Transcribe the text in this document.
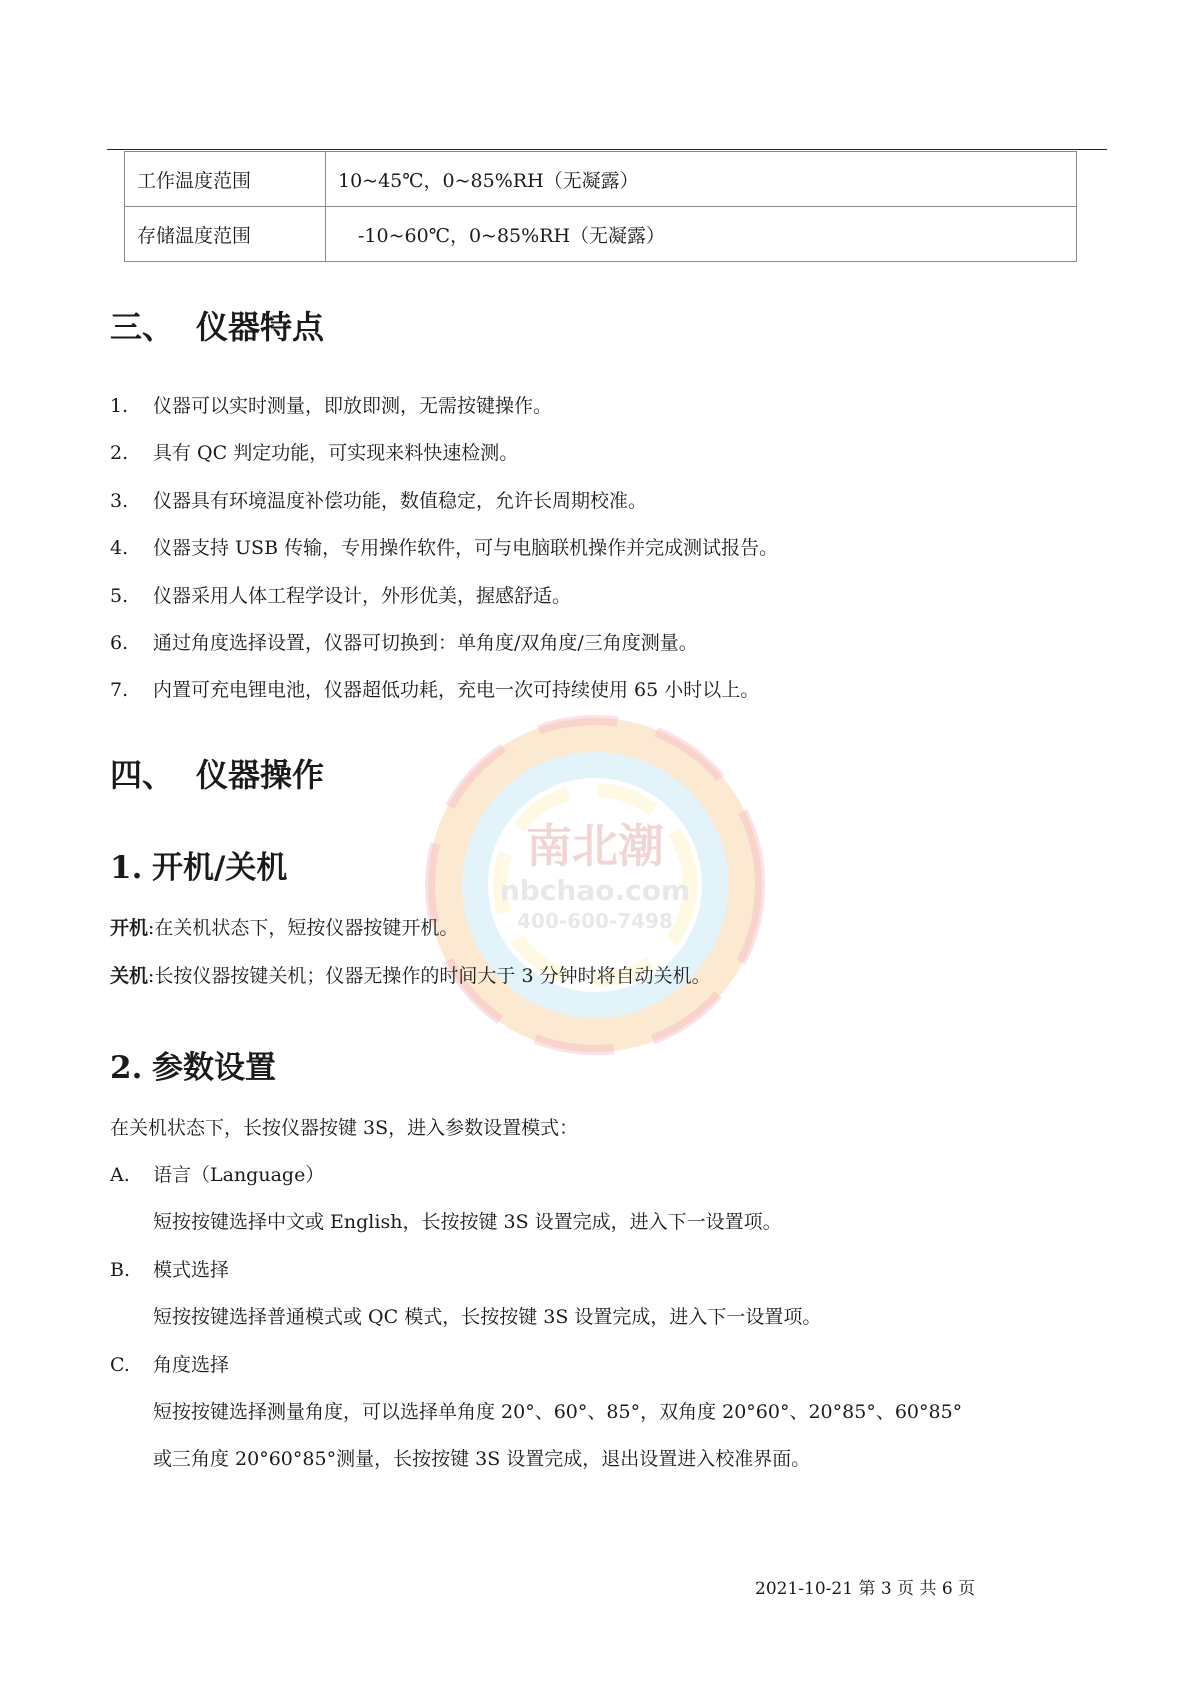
工作温度范围	10~45℃，0~85%RH（无凝露）
存储温度范围	-10~60℃，0~85%RH（无凝露）
三、 仪器特点
1. 仪器可以实时测量，即放即测，无需按键操作。
2. 具有 QC 判定功能，可实现来料快速检测。
3. 仪器具有环境温度补偿功能，数值稳定，允许长周期校准。
4. 仪器支持 USB 传输，专用操作软件，可与电脑联机操作并完成测试报告。
5. 仪器采用人体工程学设计，外形优美，握感舒适。
6. 通过角度选择设置，仪器可切换到：单角度/双角度/三角度测量。
7. 内置可充电锂电池，仪器超低功耗，充电一次可持续使用 65 小时以上。
南北潮
nbchao.com
400-600-7498
四、 仪器操作
1. 开机/关机
开机:在关机状态下，短按仪器按键开机。
关机:长按仪器按键关机；仪器无操作的时间大于 3 分钟时将自动关机。
2. 参数设置
在关机状态下，长按仪器按键 3S，进入参数设置模式：
A. 语言（Language）
短按按键选择中文或 English，长按按键 3S 设置完成，进入下一设置项。
B. 模式选择
短按按键选择普通模式或 QC 模式，长按按键 3S 设置完成，进入下一设置项。
C. 角度选择
短按按键选择测量角度，可以选择单角度 20°、60°、85°，双角度 20°60°、20°85°、60°85°
或三角度 20°60°85°测量，长按按键 3S 设置完成，退出设置进入校准界面。
2021-10-21 第 3 页 共 6 页
